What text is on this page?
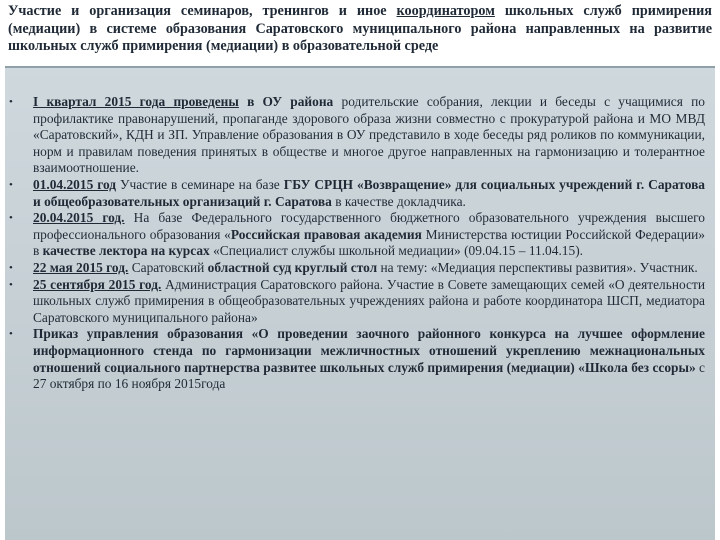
Участие и организация семинаров, тренингов и иное координатором школьных служб примирения (медиации) в системе образования Саратовского муниципального района направленных на развитие школьных служб примирения (медиации) в образовательной среде

• I квартал 2015 года проведены в ОУ района родительские собрания, лекции и беседы с учащимися по профилактике правонарушений, пропаганде здорового образа жизни совместно с прокуратурой района и МО МВД «Саратовский», КДН и ЗП. Управление образования в ОУ представило в ходе беседы ряд роликов по коммуникации, норм и правилам поведения принятых в обществе и многое другое направленных на гармонизацию и толерантное взаимоотношение.
• 01.04.2015 год Участие в семинаре на базе ГБУ СРЦН «Возвращение» для социальных учреждений г. Саратова и общеобразовательных организаций г. Саратова в качестве докладчика.
• 20.04.2015 год. На базе Федерального государственного бюджетного образовательного учреждения высшего профессионального образования «Российская правовая академия Министерства юстиции Российской Федерации» в качестве лектора на курсах «Специалист службы школьной медиации» (09.04.15 – 11.04.15).
• 22 мая 2015 год. Саратовский областной суд круглый стол на тему: «Медиация перспективы развития». Участник.
• 25 сентября 2015 год. Администрация Саратовского района. Участие в Совете замещающих семей «О деятельности школьных служб примирения в общеобразовательных учреждениях района и работе координатора ШСП, медиатора Саратовского муниципального района»
• Приказ управления образования «О проведении заочного районного конкурса на лучшее оформление информационного стенда по гармонизации межличностных отношений укреплению межнациональных отношений социального партнерства развитее школьных служб примирения (медиации) «Школа без ссоры» с 27 октября по 16 ноября 2015года
